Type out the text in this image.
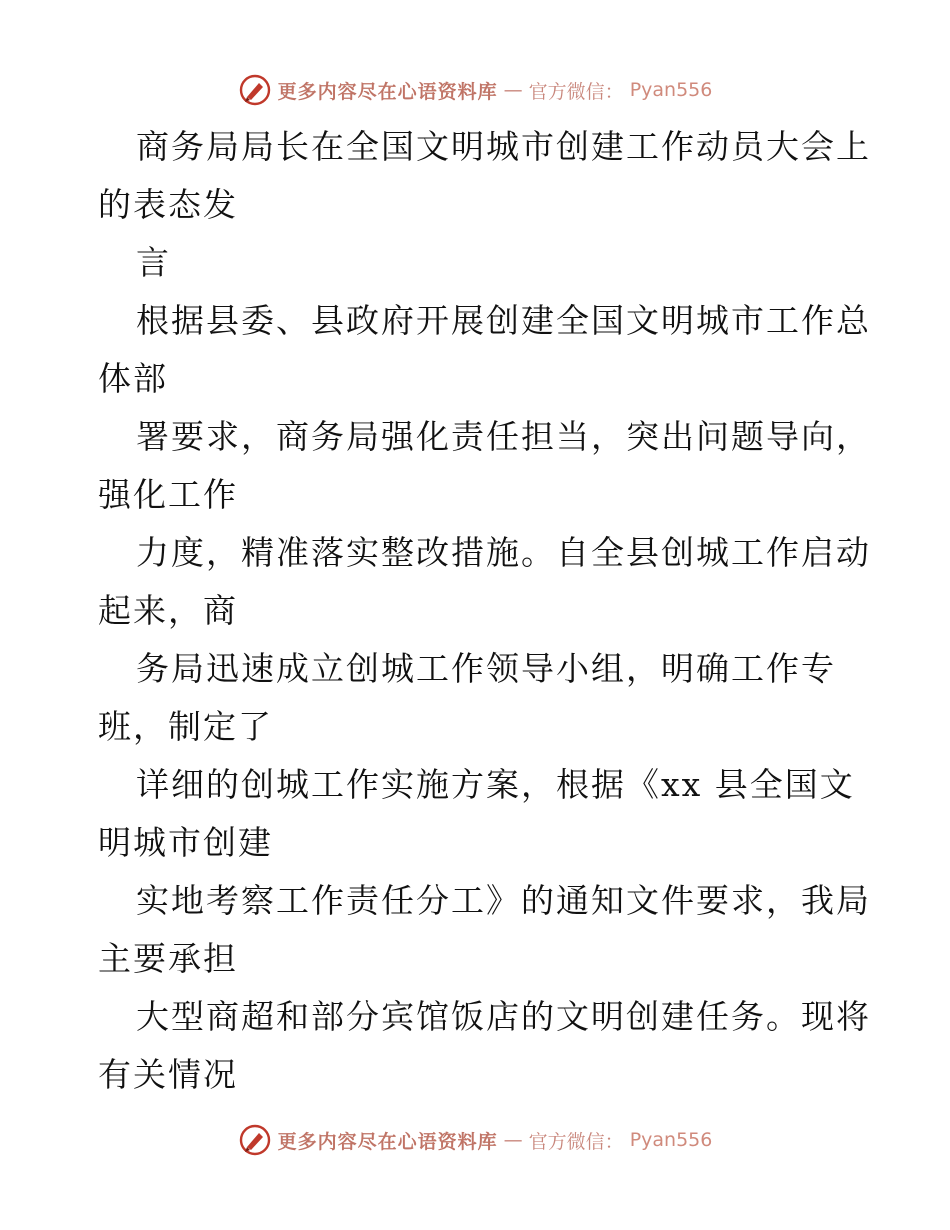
更多内容尽在心语资料库 — 官方微信： Pyan556
商务局局长在全国文明城市创建工作动员大会上
的表态发
言
根据县委、县政府开展创建全国文明城市工作总
体部
署要求，商务局强化责任担当，突出问题导向，
强化工作
力度，精准落实整改措施。自全县创城工作启动
起来，商
务局迅速成立创城工作领导小组，明确工作专
班，制定了
详细的创城工作实施方案，根据《xx 县全国文
明城市创建
实地考察工作责任分工》的通知文件要求，我局
主要承担
大型商超和部分宾馆饭店的文明创建任务。现将
有关情况
更多内容尽在心语资料库 — 官方微信： Pyan556
